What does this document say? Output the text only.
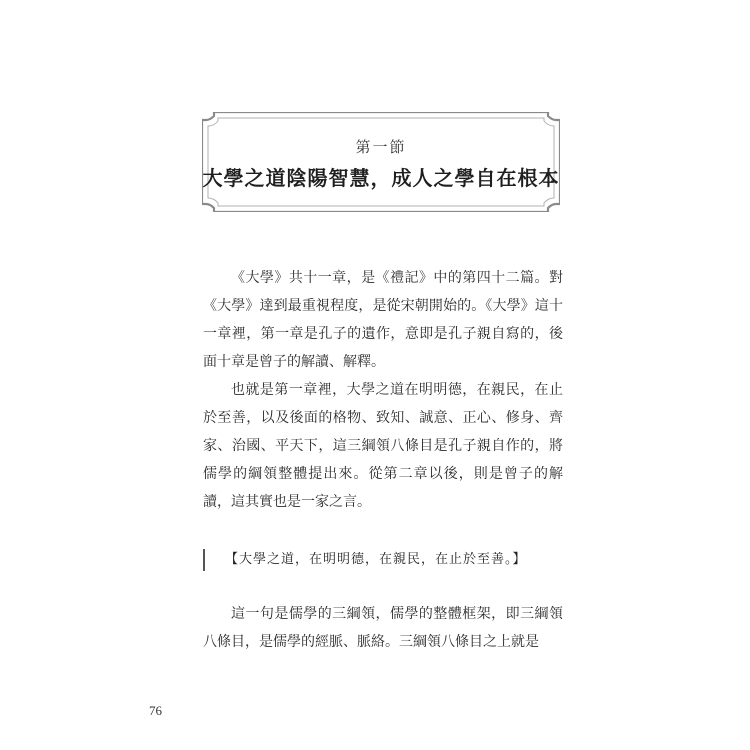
第一節
大學之道陰陽智慧，成人之學自在根本

《大學》共十一章，是《禮記》中的第四十二篇。對《大學》達到最重視程度，是從宋朝開始的。《大學》這十一章裡，第一章是孔子的遺作，意即是孔子親自寫的，後面十章是曾子的解讀、解釋。

也就是第一章裡，大學之道在明明德，在親民，在止於至善，以及後面的格物、致知、誠意、正心、修身、齊家、治國、平天下，這三綱領八條目是孔子親自作的，將儒學的綱領整體提出來。從第二章以後，則是曾子的解讀，這其實也是一家之言。

【大學之道，在明明德，在親民，在止於至善。】

這一句是儒學的三綱領，儒學的整體框架，即三綱領八條目，是儒學的經脈、脈絡。三綱領八條目之上就是

76
